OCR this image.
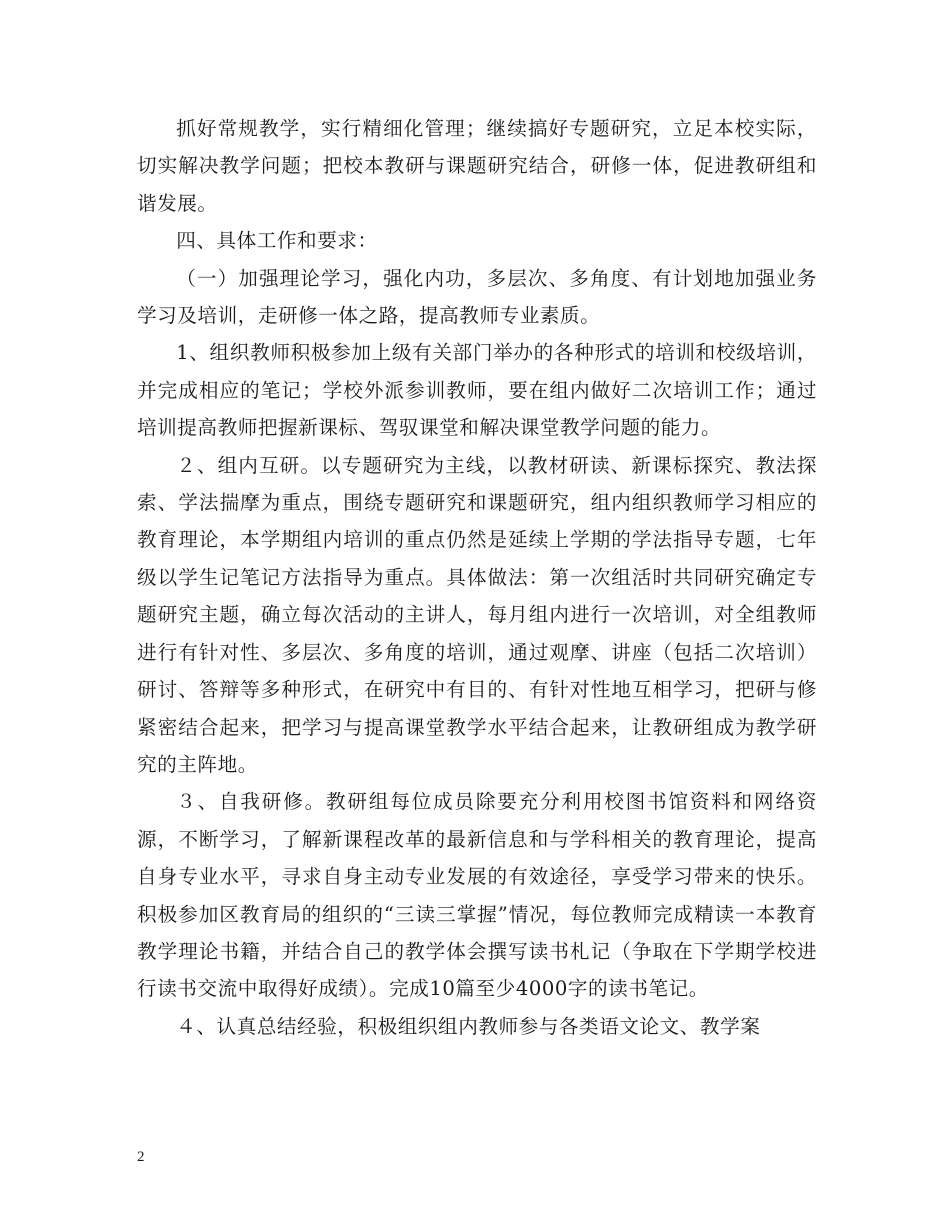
抓好常规教学，实行精细化管理；继续搞好专题研究，立足本校实际，切实解决教学问题；把校本教研与课题研究结合，研修一体，促进教研组和谐发展。

四、具体工作和要求：

（一）加强理论学习，强化内功，多层次、多角度、有计划地加强业务学习及培训，走研修一体之路，提高教师专业素质。

1、组织教师积极参加上级有关部门举办的各种形式的培训和校级培训，并完成相应的笔记；学校外派参训教师，要在组内做好二次培训工作；通过培训提高教师把握新课标、驾驭课堂和解决课堂教学问题的能力。

２、组内互研。以专题研究为主线，以教材研读、新课标探究、教法探索、学法揣摩为重点，围绕专题研究和课题研究，组内组织教师学习相应的教育理论，本学期组内培训的重点仍然是延续上学期的学法指导专题，七年级以学生记笔记方法指导为重点。具体做法：第一次组活时共同研究确定专题研究主题，确立每次活动的主讲人，每月组内进行一次培训，对全组教师进行有针对性、多层次、多角度的培训，通过观摩、讲座（包括二次培训）研讨、答辩等多种形式，在研究中有目的、有针对性地互相学习，把研与修紧密结合起来，把学习与提高课堂教学水平结合起来，让教研组成为教学研究的主阵地。

３、自我研修。教研组每位成员除要充分利用校图书馆资料和网络资源，不断学习，了解新课程改革的最新信息和与学科相关的教育理论，提高自身专业水平，寻求自身主动专业发展的有效途径，享受学习带来的快乐。积极参加区教育局的组织的“三读三掌握”情况，每位教师完成精读一本教育教学理论书籍，并结合自己的教学体会撰写读书札记（争取在下学期学校进行读书交流中取得好成绩）。完成10篇至少4000字的读书笔记。

４、认真总结经验，积极组织组内教师参与各类语文论文、教学案

2
